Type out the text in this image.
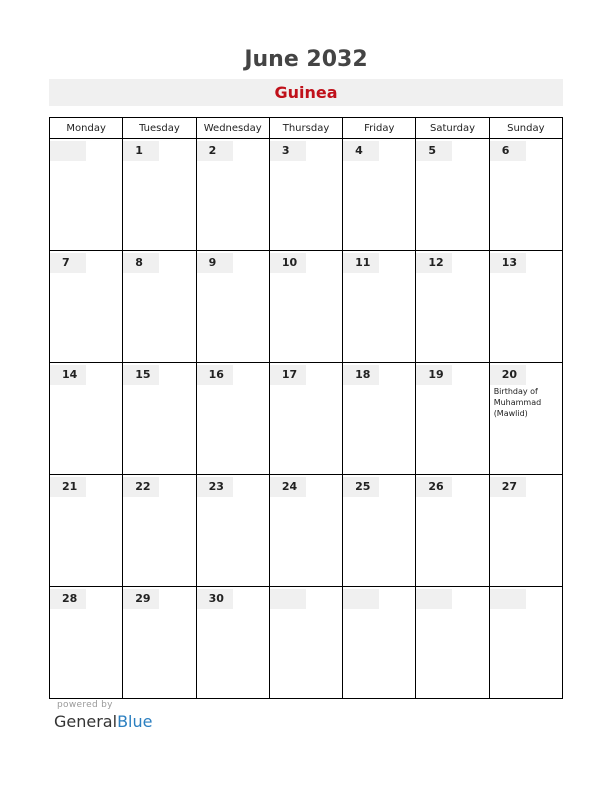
June 2032
Guinea
Monday	Tuesday	Wednesday	Thursday	Friday	Saturday	Sunday

	1	2	3	4	5	6

7	8	9	10	11	12	13

14	15	16	17	18	19	20
Birthday of Muhammad (Mawlid)

21	22	23	24	25	26	27

28	29	30				

powered by
GeneralBlue
